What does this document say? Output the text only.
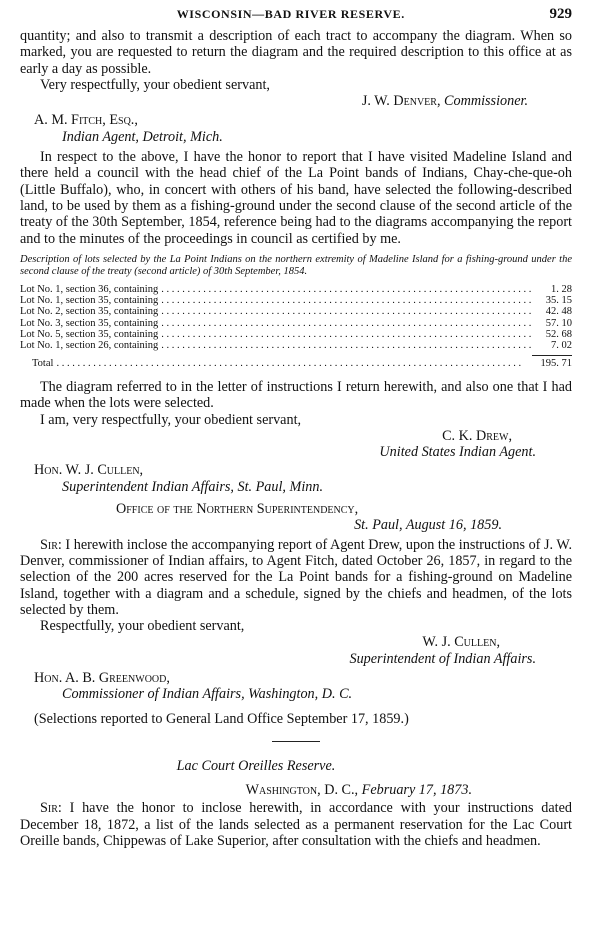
WISCONSIN—BAD RIVER RESERVE.	929

quantity; and also to transmit a description of each tract to accompany the diagram. When so marked, you are requested to return the diagram and the required description to this office at as early a day as possible.

Very respectfully, your obedient servant,

J. W. Denver, Commissioner.

A. M. Fitch, Esq.,

Indian Agent, Detroit, Mich.

In respect to the above, I have the honor to report that I have visited Madeline Island and there held a council with the head chief of the La Point bands of Indians, Chay-che-que-oh (Little Buffalo), who, in concert with others of his band, have selected the following-described land, to be used by them as a fishing-ground under the second clause of the second article of the treaty of the 30th September, 1854, reference being had to the diagrams accompanying the report and to the minutes of the proceedings in council as certified by me.

Description of lots selected by the La Point Indians on the northern extremity of Madeline Island for a fishing-ground under the second clause of the treaty (second article) of 30th September, 1854.

Lot No. 1, section 36, containing . . .	1. 28
Lot No. 1, section 35, containing . . .	35. 15
Lot No. 2, section 35, containing . . .	42. 48
Lot No. 3, section 35, containing . . .	57. 10
Lot No. 5, section 35, containing . . .	52. 68
Lot No. 1, section 26, containing . . .	7. 02
Total . . .	195. 71

The diagram referred to in the letter of instructions I return herewith, and also one that I had made when the lots were selected.

I am, very respectfully, your obedient servant,

C. K. Drew,

United States Indian Agent.

Hon. W. J. Cullen,

Superintendent Indian Affairs, St. Paul, Minn.

Office of the Northern Superintendency,

St. Paul, August 16, 1859.

Sir: I herewith inclose the accompanying report of Agent Drew, upon the instructions of J. W. Denver, commissioner of Indian affairs, to Agent Fitch, dated October 26, 1857, in regard to the selection of the 200 acres reserved for the La Point bands for a fishing-ground on Madeline Island, together with a diagram and a schedule, signed by the chiefs and headmen, of the lots selected by them.

Respectfully, your obedient servant,

W. J. Cullen,

Superintendent of Indian Affairs.

Hon. A. B. Greenwood,

Commissioner of Indian Affairs, Washington, D. C.

(Selections reported to General Land Office September 17, 1859.)

Lac Court Oreilles Reserve.

Washington, D. C., February 17, 1873.

Sir: I have the honor to inclose herewith, in accordance with your instructions dated December 18, 1872, a list of the lands selected as a permanent reservation for the Lac Court Oreille bands, Chippewas of Lake Superior, after consultation with the chiefs and headmen.
